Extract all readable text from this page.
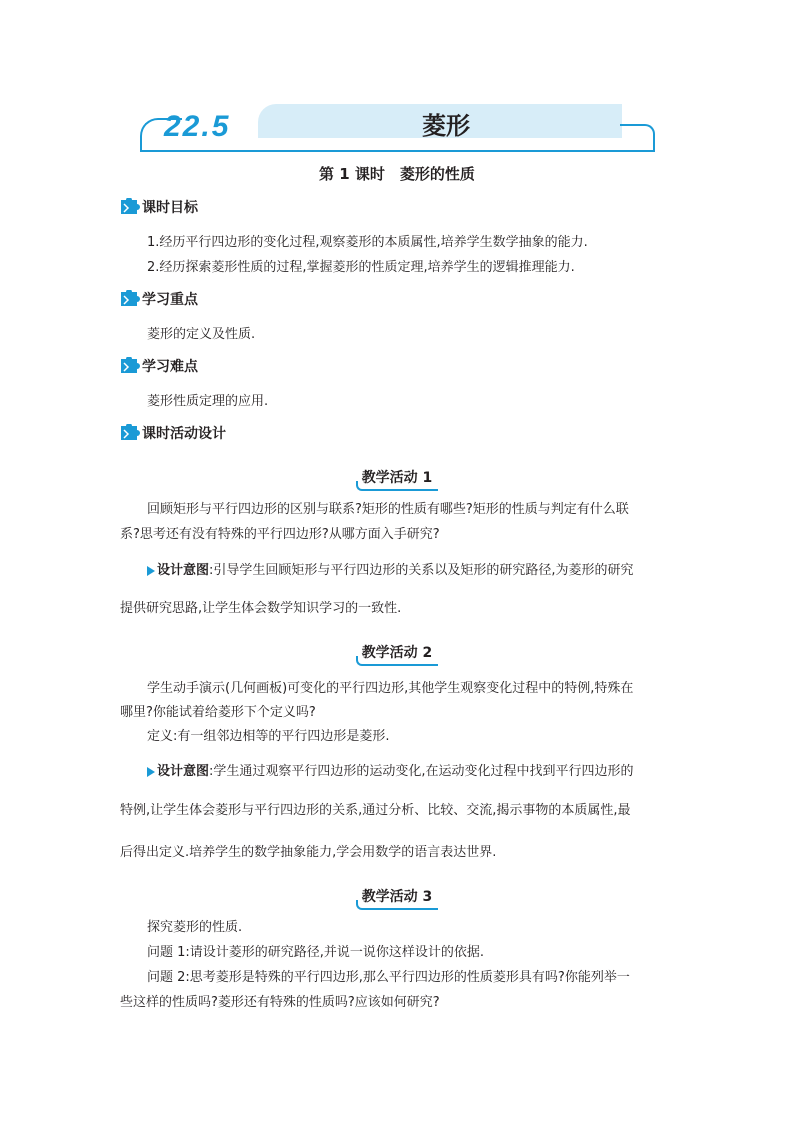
22.5	菱形
第 1 课时　菱形的性质
课时目标
1.经历平行四边形的变化过程,观察菱形的本质属性,培养学生数学抽象的能力.
2.经历探索菱形性质的过程,掌握菱形的性质定理,培养学生的逻辑推理能力.
学习重点
菱形的定义及性质.
学习难点
菱形性质定理的应用.
课时活动设计
教学活动 1
回顾矩形与平行四边形的区别与联系?矩形的性质有哪些?矩形的性质与判定有什么联
系?思考还有没有特殊的平行四边形?从哪方面入手研究?
设计意图:引导学生回顾矩形与平行四边形的关系以及矩形的研究路径,为菱形的研究
提供研究思路,让学生体会数学知识学习的一致性.
教学活动 2
学生动手演示(几何画板)可变化的平行四边形,其他学生观察变化过程中的特例,特殊在
哪里?你能试着给菱形下个定义吗?
定义:有一组邻边相等的平行四边形是菱形.
设计意图:学生通过观察平行四边形的运动变化,在运动变化过程中找到平行四边形的
特例,让学生体会菱形与平行四边形的关系,通过分析、比较、交流,揭示事物的本质属性,最
后得出定义.培养学生的数学抽象能力,学会用数学的语言表达世界.
教学活动 3
探究菱形的性质.
问题 1:请设计菱形的研究路径,并说一说你这样设计的依据.
问题 2:思考菱形是特殊的平行四边形,那么平行四边形的性质菱形具有吗?你能列举一
些这样的性质吗?菱形还有特殊的性质吗?应该如何研究?
